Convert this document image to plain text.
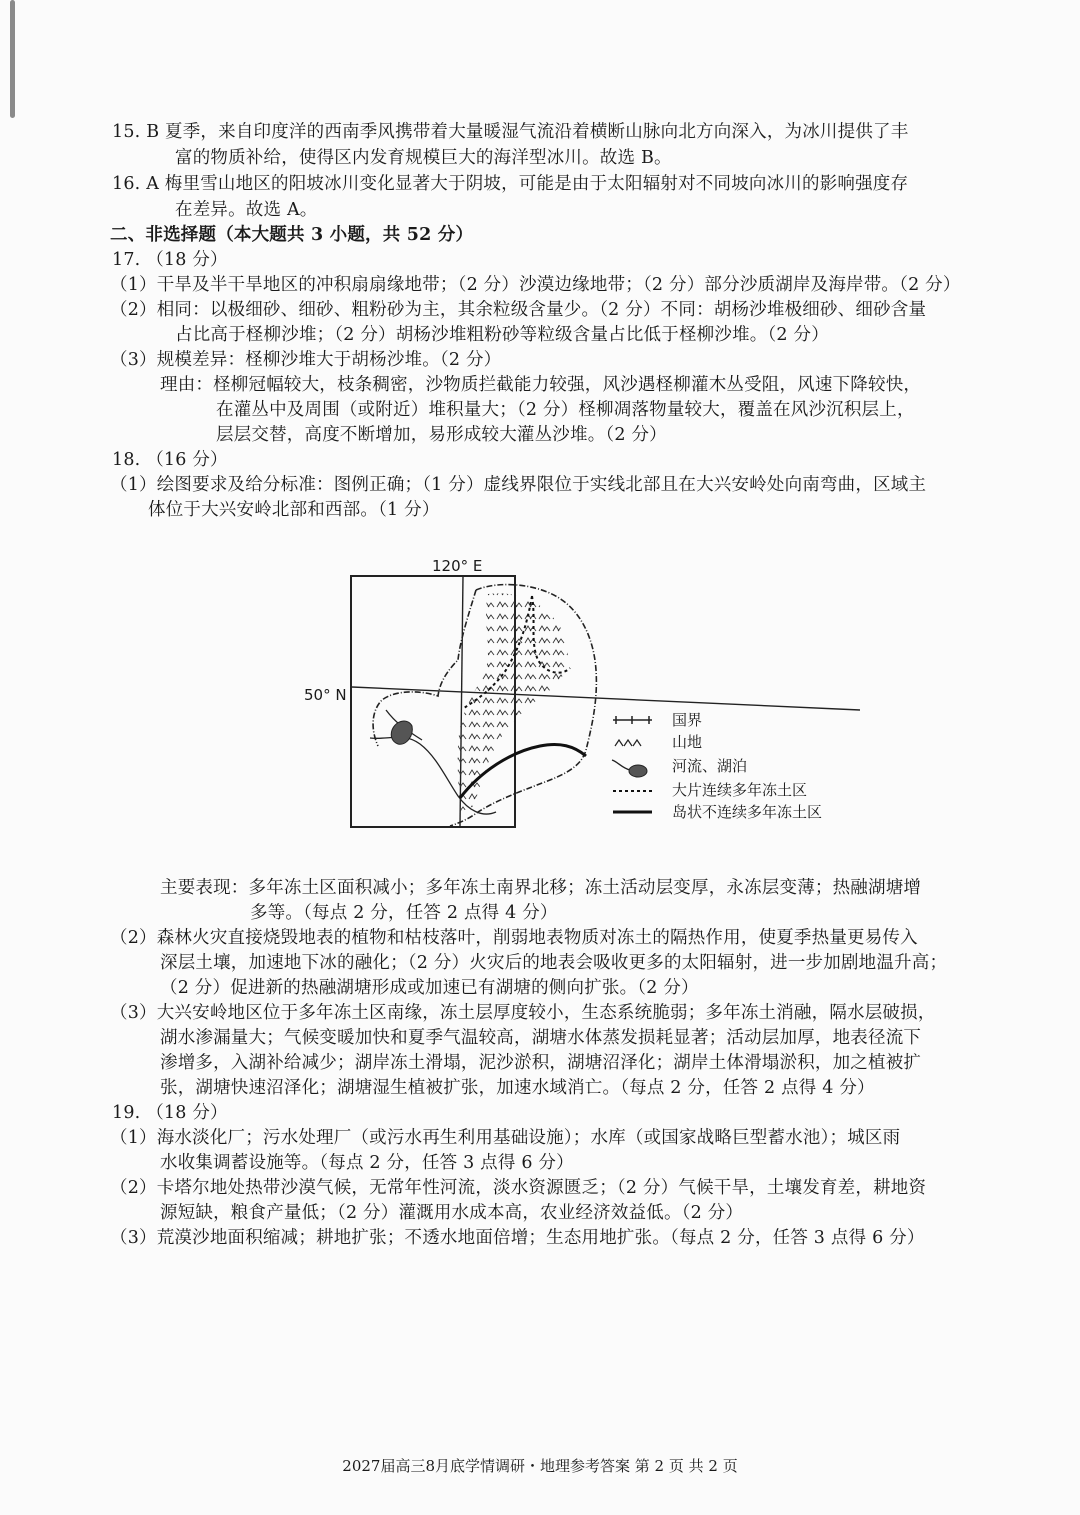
15. B 夏季，来自印度洋的西南季风携带着大量暖湿气流沿着横断山脉向北方向深入，为冰川提供了丰
富的物质补给，使得区内发育规模巨大的海洋型冰川。故选 B。
16. A 梅里雪山地区的阳坡冰川变化显著大于阴坡，可能是由于太阳辐射对不同坡向冰川的影响强度存
在差异。故选 A。
二、非选择题（本大题共 3 小题，共 52 分）
17. （18 分）
（1）干旱及半干旱地区的冲积扇扇缘地带；（2 分）沙漠边缘地带；（2 分）部分沙质湖岸及海岸带。（2 分）
（2）相同：以极细砂、细砂、粗粉砂为主，其余粒级含量少。（2 分）不同：胡杨沙堆极细砂、细砂含量
占比高于柽柳沙堆；（2 分）胡杨沙堆粗粉砂等粒级含量占比低于柽柳沙堆。（2 分）
（3）规模差异：柽柳沙堆大于胡杨沙堆。（2 分）
理由：柽柳冠幅较大，枝条稠密，沙物质拦截能力较强，风沙遇柽柳灌木丛受阻，风速下降较快，
在灌丛中及周围（或附近）堆积量大；（2 分）柽柳凋落物量较大，覆盖在风沙沉积层上，
层层交替，高度不断增加，易形成较大灌丛沙堆。（2 分）
18. （16 分）
（1）绘图要求及给分标准：图例正确；（1 分）虚线界限位于实线北部且在大兴安岭处向南弯曲，区域主
体位于大兴安岭北部和西部。（1 分）
120° E
50° N
国界
山地
河流、湖泊
大片连续多年冻土区
岛状不连续多年冻土区
主要表现：多年冻土区面积减小；多年冻土南界北移；冻土活动层变厚，永冻层变薄；热融湖塘增
多等。（每点 2 分，任答 2 点得 4 分）
（2）森林火灾直接烧毁地表的植物和枯枝落叶，削弱地表物质对冻土的隔热作用，使夏季热量更易传入
深层土壤，加速地下冰的融化；（2 分）火灾后的地表会吸收更多的太阳辐射，进一步加剧地温升高；
（2 分）促进新的热融湖塘形成或加速已有湖塘的侧向扩张。（2 分）
（3）大兴安岭地区位于多年冻土区南缘，冻土层厚度较小，生态系统脆弱；多年冻土消融，隔水层破损，
湖水渗漏量大；气候变暖加快和夏季气温较高，湖塘水体蒸发损耗显著；活动层加厚，地表径流下
渗增多，入湖补给减少；湖岸冻土滑塌，泥沙淤积，湖塘沼泽化；湖岸土体滑塌淤积，加之植被扩
张，湖塘快速沼泽化；湖塘湿生植被扩张，加速水域消亡。（每点 2 分，任答 2 点得 4 分）
19. （18 分）
（1）海水淡化厂；污水处理厂（或污水再生利用基础设施）；水库（或国家战略巨型蓄水池）；城区雨
水收集调蓄设施等。（每点 2 分，任答 3 点得 6 分）
（2）卡塔尔地处热带沙漠气候，无常年性河流，淡水资源匮乏；（2 分）气候干旱，土壤发育差，耕地资
源短缺，粮食产量低；（2 分）灌溉用水成本高，农业经济效益低。（2 分）
（3）荒漠沙地面积缩减；耕地扩张；不透水地面倍增；生态用地扩张。（每点 2 分，任答 3 点得 6 分）
2027届高三8月底学情调研・地理参考答案 第 2 页 共 2 页
